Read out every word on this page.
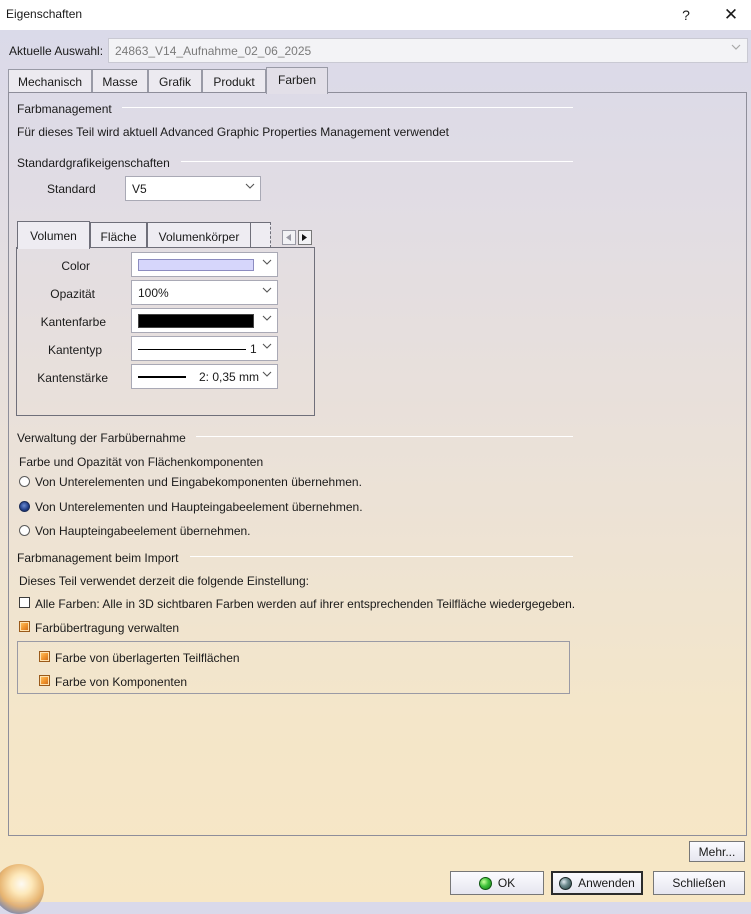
Eigenschaften	?	✕
Aktuelle Auswahl: 24863_V14_Aufnahme_02_06_2025
Mechanisch	Masse	Grafik	Produkt	Farben
Farbmanagement
Für dieses Teil wird aktuell Advanced Graphic Properties Management verwendet
Standardgrafikeigenschaften
Standard	V5
Volumen	Fläche	Volumenkörper
Color
Opazität	100%
Kantenfarbe
Kantentyp	1
Kantenstärke	2: 0,35 mm
Verwaltung der Farbübernahme
Farbe und Opazität von Flächenkomponenten
Von Unterelementen und Eingabekomponenten übernehmen.
Von Unterelementen und Haupteingabeelement übernehmen.
Von Haupteingabeelement übernehmen.
Farbmanagement beim Import
Dieses Teil verwendet derzeit die folgende Einstellung:
Alle Farben: Alle in 3D sichtbaren Farben werden auf ihrer entsprechenden Teilfläche wiedergegeben.
Farbübertragung verwalten
Farbe von überlagerten Teilflächen
Farbe von Komponenten
Mehr...
OK	Anwenden	Schließen
